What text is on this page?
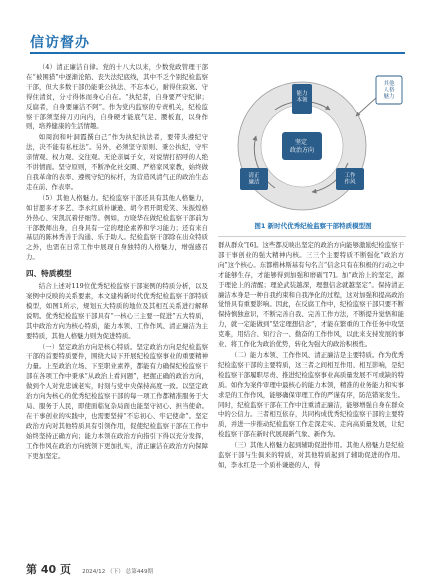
信访督办

（4）清正廉洁自律。党的十八大以来，少数党政管理干部在“被围猎”中逐渐沦陷、丧失法纪底线，其中不乏个别纪检监察干部，但大多数干部仍能秉公执法、不忘本心，耐得住寂寞、守得住清贫，分寸得体而身心自在。“执纪者，自身要严守纪律；反腐者，自身要廉洁不阿”。作为党内监察的专责机关，纪检监察干部须坚持刀刃向内，自身硬才能底气足、腰板直，以身作则，培养健康的生活情趣。

如周润和叶洞霞撰白己“作为执纪执法者，要带头遵纪守法，决不能有私枉法”。另外，必须坚守原则、秉公执纪，守牢亲情观、权力观、交往观。无论亲属子女，对说情打招呼的人绝不讲情面。坚守原则，不断净化社交圈、严格家风家教，始终做自我革命的表率、遵规守纪的标杆，为营造风清气正的政治生态走在前、作表率。

（5）其他人格魅力。纪检监察干部还具有其他人格魅力，如甘愿多才多艺、李永红质朴谦逊、胡今君开朗爱笑、朱振煌格外热心、宋凯沉着仔细等。例如，方晓华在做纪检监察干部前为干部教师出身，自身具有一定的理论素养和学习能力；还有来自基层的陈林秀善于沟通、乐于助人。纪检监察干部除在出众特质之外，也需在日常工作中展现自身独特的人格魅力，增强感召力。

四、特质模型

结合上述对119位优秀纪检监察干部案例的特质分析，以及案例中反映的关系要素，本文建构新时代优秀纪检监察干部特质模型，如图1所示，规划五大特质的地位及其相互关系进行解释说明。优秀纪检监察干部具有“一核心三主要一促进”五大特质，其中政治方向为核心特质，能力本领、工作作风、清正廉洁为主要特质，其他人格魅力则为促进特质。

（一）坚定政治方向是核心特质。坚定政治方向是纪检监察干部的首要特质要件，围绕大局下开展纪检监察事业的重要精神力量。上至政治立场、下至职业素养，都能有力确保纪检监察干部在各项工作中秉承“从政治上看问题”，把握正确的政治方向，做到个人对党忠诚老实，时刻与党中央保持高度一致。以坚定政治方向为核心的优秀纪检监察干部的每一项工作都精准服务于大局、服务于人民，即使面临复杂局面也能坚守初心、担当使命。在干事创业的实践中，也需要坚持“不忘初心、牢记使命”。坚定政治方向对其他特质具有引领作用，促使纪检监察干部在工作中始终坚持正确方向；能力本领在政治方向指引下得以充分发挥，工作作风在政治方向统领下更加扎实，清正廉洁在政治方向保障下更加坚定。

坚定 政治方向
能力本领
清正廉洁
工作作风
其他人格魅力
图1 新时代优秀纪检监察干部特质模型图

群从群众”[6]。这些都反映出坚定的政治方向能够激励纪检监察干部干事创业的强大精神内核。三三个主要特质不断强化“政治方向”这个核心。东都楷林斯基有句名言“信念只有在积极的行动之中才能够生存，才能够得到加强和磨砺”[7]。加“政治上的坚定，源于理论上的清醒；理论武装越深，理想信念就越坚定”。保持清正廉洁本身是一种自我约束和自我净化的过程，这对加强和提高政治觉悟具有重要影响。因此，在反腐工作中，纪检监察干部只要不断保持慎独意识，不断完善自我、完善工作方法，不断提升觉悟和能力，就一定能做到“坚定理想信念”，才能在繁重的工作任务中攻坚克难，用结合、知行合一、勤奋的工作作风，以此来支持发展的事业、将工作化为政治优势，转化为强大的政治积极性。

（二）能力本领、工作作风、清正廉洁是主要特质。作为优秀纪检监察干部的主要特质，这三者之间相互作用、相互影响，是纪检监察干部履职尽责、推进纪检监察事业高质量发展不可或缺的特质。如作为案件审理中最核心的能力本领，精准的业务能力和实事求是的工作作风，能够确保审理工作的严谨有序，防范错案发生。同时，纪检监察干部在工作中注重清正廉洁，能够增强自身在群众中的公信力。三者相互依存，共同构成优秀纪检监察干部的主要特质，并进一步推动纪检监察工作走深走实、走向高质量发展，让纪检监察干部在新时代展现新气象、新作为。

（三）其他人格魅力起到辅助促进作用。其他人格魅力是纪检监察干部与生俱来的特质，对其他特质起到了辅助促进的作用。如，李永红是一个质朴谦逊的人，得

第 40 页 2024/12 （下） 总第449期
